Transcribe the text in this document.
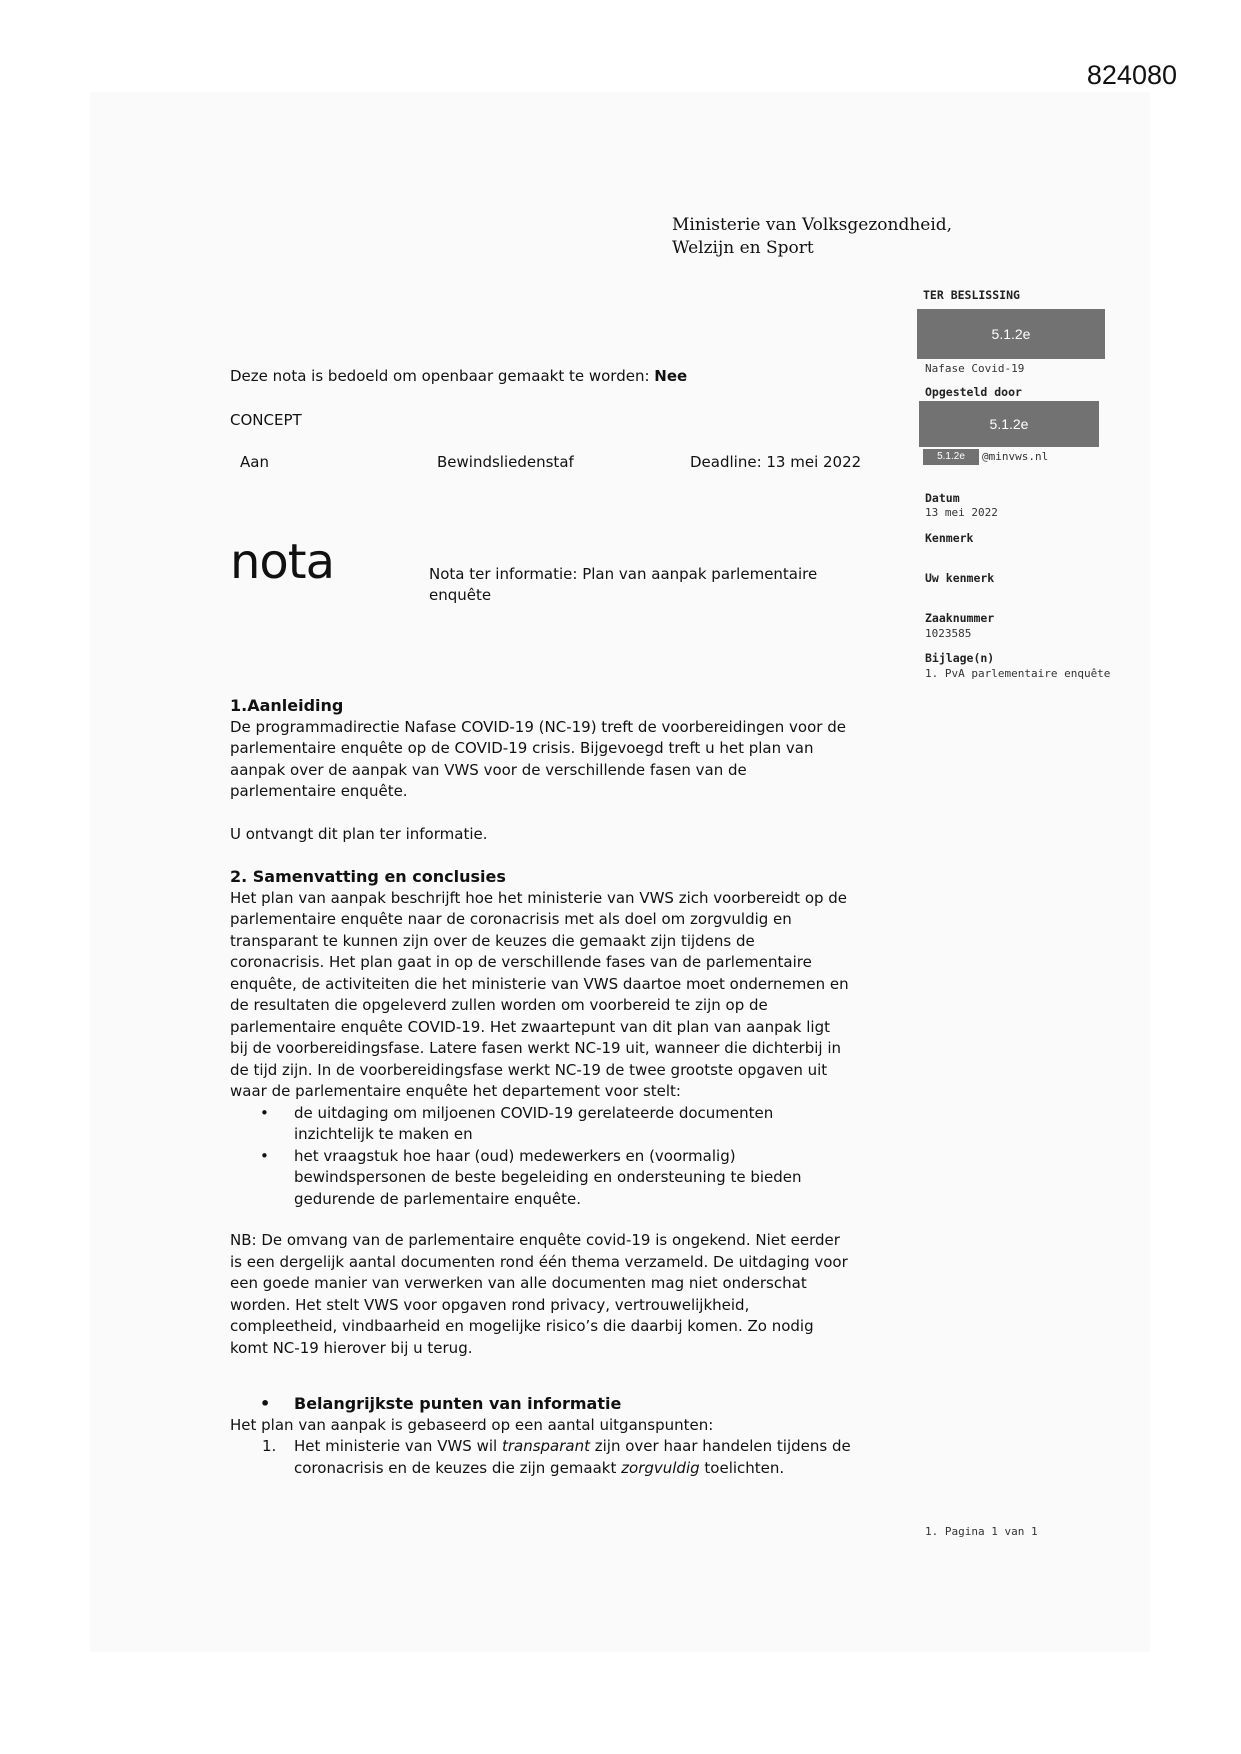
824080
Ministerie van Volksgezondheid,
Welzijn en Sport
TER BESLISSING
5.1.2e
Nafase Covid-19
Opgesteld door
5.1.2e
5.1.2e	@minvws.nl
Datum
13 mei 2022
Kenmerk
Uw kenmerk
Zaaknummer
1023585
Bijlage(n)
1. PvA parlementaire enquête
Deze nota is bedoeld om openbaar gemaakt te worden: Nee
CONCEPT
Aan	Bewindsliedenstaf	Deadline: 13 mei 2022
nota	Nota ter informatie: Plan van aanpak parlementaire
enquête

1.Aanleiding

De programmadirectie Nafase COVID-19 (NC-19) treft de voorbereidingen voor de
parlementaire enquête op de COVID-19 crisis. Bijgevoegd treft u het plan van
aanpak over de aanpak van VWS voor de verschillende fasen van de
parlementaire enquête.

U ontvangt dit plan ter informatie.

2. Samenvatting en conclusies

Het plan van aanpak beschrijft hoe het ministerie van VWS zich voorbereidt op de
parlementaire enquête naar de coronacrisis met als doel om zorgvuldig en
transparant te kunnen zijn over de keuzes die gemaakt zijn tijdens de
coronacrisis. Het plan gaat in op de verschillende fases van de parlementaire
enquête, de activiteiten die het ministerie van VWS daartoe moet ondernemen en
de resultaten die opgeleverd zullen worden om voorbereid te zijn op de
parlementaire enquête COVID-19. Het zwaartepunt van dit plan van aanpak ligt
bij de voorbereidingsfase. Latere fasen werkt NC-19 uit, wanneer die dichterbij in
de tijd zijn. In de voorbereidingsfase werkt NC-19 de twee grootste opgaven uit
waar de parlementaire enquête het departement voor stelt:

• de uitdaging om miljoenen COVID-19 gerelateerde documenten
inzichtelijk te maken en
• het vraagstuk hoe haar (oud) medewerkers en (voormalig)
bewindspersonen de beste begeleiding en ondersteuning te bieden
gedurende de parlementaire enquête.

NB: De omvang van de parlementaire enquête covid-19 is ongekend. Niet eerder
is een dergelijk aantal documenten rond één thema verzameld. De uitdaging voor
een goede manier van verwerken van alle documenten mag niet onderschat
worden. Het stelt VWS voor opgaven rond privacy, vertrouwelijkheid,
compleetheid, vindbaarheid en mogelijke risico’s die daarbij komen. Zo nodig
komt NC-19 hierover bij u terug.

• Belangrijkste punten van informatie

Het plan van aanpak is gebaseerd op een aantal uitganspunten:

1. Het ministerie van VWS wil transparant zijn over haar handelen tijdens de
coronacrisis en de keuzes die zijn gemaakt zorgvuldig toelichten.
1. Pagina 1 van 1
